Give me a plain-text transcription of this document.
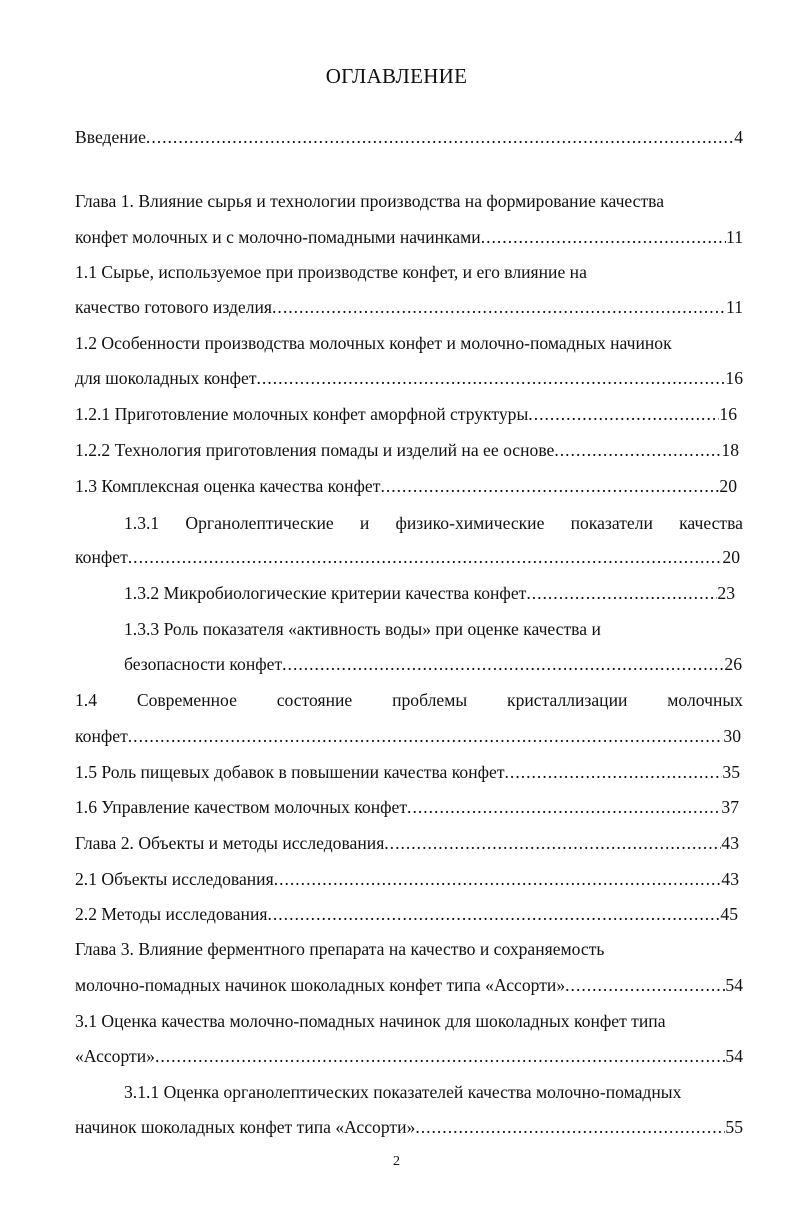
ОГЛАВЛЕНИЕ
Введение .....	4
Глава 1. Влияние сырья и технологии производства на формирование качества
конфет молочных и с молочно-помадными начинками .....	11
1.1 Сырье, используемое при производстве конфет, и его влияние на
качество готового изделия .....	11
1.2 Особенности производства молочных конфет и молочно-помадных начинок
для шоколадных конфет .....	16
1.2.1 Приготовление молочных конфет аморфной структуры .....	16
1.2.2 Технология приготовления помады и изделий на ее основе .....	18
1.3 Комплексная оценка качества конфет .....	20
1.3.1 Органолептические и физико-химические показатели качества
конфет .....	20
1.3.2 Микробиологические критерии качества конфет .....	23
1.3.3 Роль показателя «активность воды» при оценке качества и
безопасности конфет .....	26
1.4 Современное состояние проблемы кристаллизации молочных
конфет .....	30
1.5 Роль пищевых добавок в повышении качества конфет .....	35
1.6 Управление качеством молочных конфет .....	37
Глава 2. Объекты и методы исследования .....	43
2.1 Объекты исследования .....	43
2.2 Методы исследования .....	45
Глава 3. Влияние ферментного препарата на качество и сохраняемость
молочно-помадных начинок шоколадных конфет типа «Ассорти» .....	54
3.1 Оценка качества молочно-помадных начинок для шоколадных конфет типа
«Ассорти» .....	54
3.1.1 Оценка органолептических показателей качества молочно-помадных
начинок шоколадных конфет типа «Ассорти» .....	55
2
